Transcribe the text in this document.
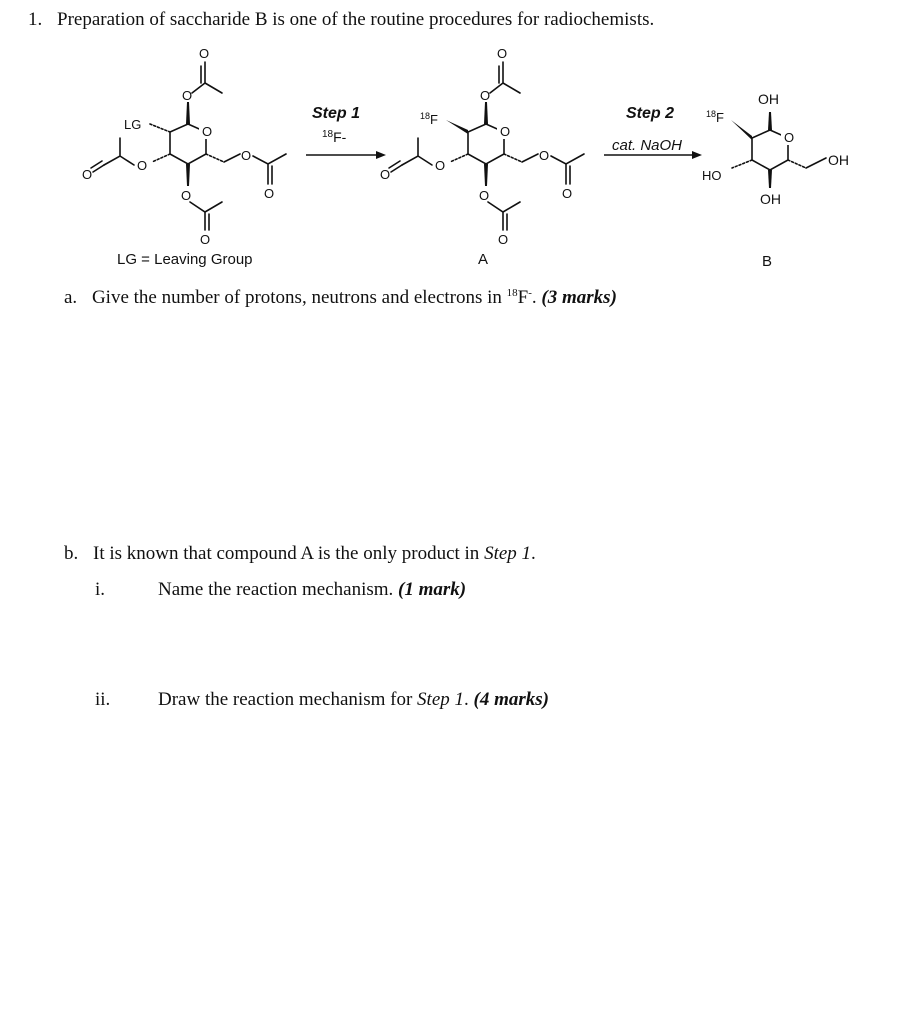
1. Preparation of saccharide B is one of the routine procedures for radiochemists.
O
O
O
LG
O
O
O
O
O
O
Step 1
$^{18}$F-	O
O
O
$^{18}$F
O
O
O
O
O
O
Step 2
cat. NaOH	O
OH
$^{18}$F
HO
OH
OH
LG = Leaving Group	A	B
a. Give the number of protons, neutrons and electrons in $^{18}$F-. (3 marks)
b. It is known that compound A is the only product in Step 1.
i.	Name the reaction mechanism. (1 mark)
ii.	Draw the reaction mechanism for Step 1. (4 marks)
